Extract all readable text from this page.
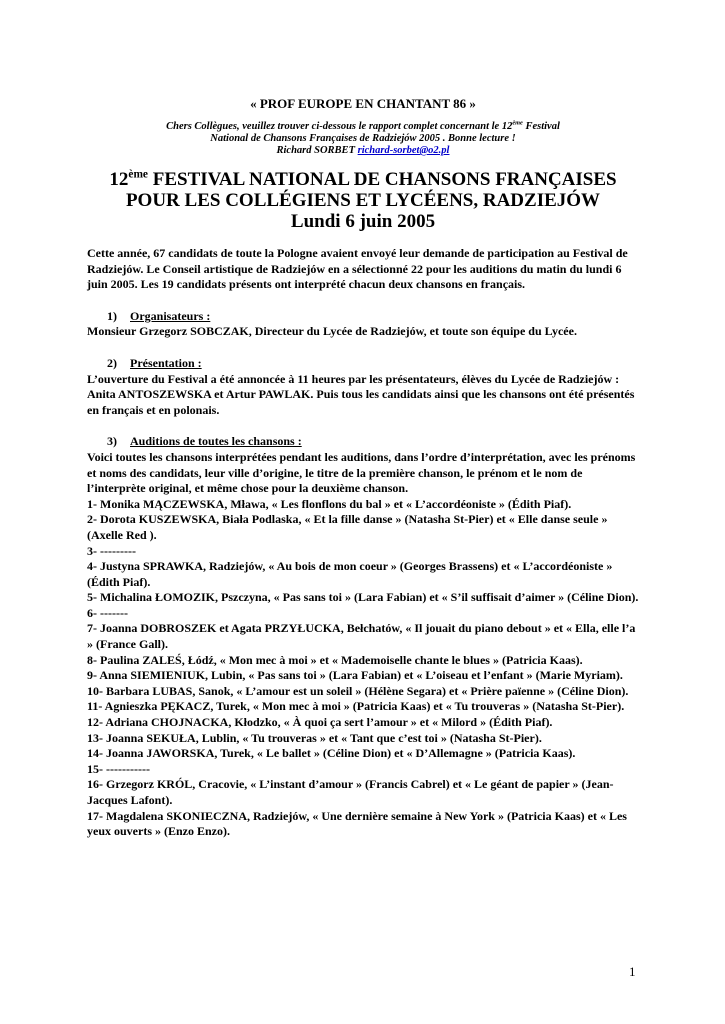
« PROF EUROPE EN CHANTANT 86 »

Chers Collègues, veuillez trouver ci-dessous le rapport complet concernant le 12ème Festival
National de Chansons Françaises de Radziejów 2005 . Bonne lecture !
Richard SORBET richard-sorbet@o2.pl
12ème FESTIVAL NATIONAL DE CHANSONS FRANÇAISES
POUR LES COLLÉGIENS ET LYCÉENS, RADZIEJÓW
Lundi 6 juin 2005

Cette année, 67 candidats de toute la Pologne avaient envoyé leur demande de participation au Festival de Radziejów. Le Conseil artistique de Radziejów en a sélectionné 22 pour les auditions du matin du lundi 6 juin 2005. Les 19 candidats présents ont interprété chacun deux chansons en français.

1) Organisateurs :

Monsieur Grzegorz SOBCZAK, Directeur du Lycée de Radziejów, et toute son équipe du Lycée.

2) Présentation :

L’ouverture du Festival a été annoncée à 11 heures par les présentateurs, élèves du Lycée de Radziejów : Anita ANTOSZEWSKA et Artur PAWLAK. Puis tous les candidats ainsi que les chansons ont été présentés en français et en polonais.

3) Auditions de toutes les chansons :

Voici toutes les chansons interprétées pendant les auditions, dans l’ordre d’interprétation, avec les prénoms et noms des candidats, leur ville d’origine, le titre de la première chanson, le prénom et le nom de l’interprète original, et même chose pour la deuxième chanson.

1- Monika MĄCZEWSKA, Mława, « Les flonflons du bal » et « L’accordéoniste » (Édith Piaf).
2- Dorota KUSZEWSKA, Biała Podlaska, « Et la fille danse » (Natasha St-Pier) et « Elle danse seule » (Axelle Red ).
3- ---------
4- Justyna SPRAWKA, Radziejów, « Au bois de mon coeur » (Georges Brassens) et « L’accordéoniste » (Édith Piaf).
5- Michalina ŁOMOZIK, Pszczyna, « Pas sans toi » (Lara Fabian) et « S’il suffisait d’aimer » (Céline Dion).
6- -------
7- Joanna DOBROSZEK et Agata PRZYŁUCKA, Bełchatów, « Il jouait du piano debout » et « Ella, elle l’a » (France Gall).
8- Paulina ZALEŚ, Łódź, « Mon mec à moi » et « Mademoiselle chante le blues » (Patricia Kaas).
9- Anna SIEMIENIUK, Lubin, « Pas sans toi » (Lara Fabian) et « L’oiseau et l’enfant » (Marie Myriam).
10- Barbara LUBAS, Sanok, « L’amour est un soleil » (Hélène Segara) et « Prière païenne » (Céline Dion).
11- Agnieszka PĘKACZ, Turek, « Mon mec à moi » (Patricia Kaas) et « Tu trouveras » (Natasha St-Pier).
12- Adriana CHOJNACKA, Kłodzko, « À quoi ça sert l’amour » et « Milord » (Édith Piaf).
13- Joanna SEKUŁA, Lublin, « Tu trouveras » et « Tant que c’est toi » (Natasha St-Pier).
14- Joanna JAWORSKA, Turek, « Le ballet » (Céline Dion) et « D’Allemagne » (Patricia Kaas).
15- -----------
16- Grzegorz KRÓL, Cracovie, « L’instant d’amour » (Francis Cabrel) et « Le géant de papier » (Jean-Jacques Lafont).
17- Magdalena SKONIECZNA, Radziejów, « Une dernière semaine à New York » (Patricia Kaas) et « Les yeux ouverts » (Enzo Enzo).
1
